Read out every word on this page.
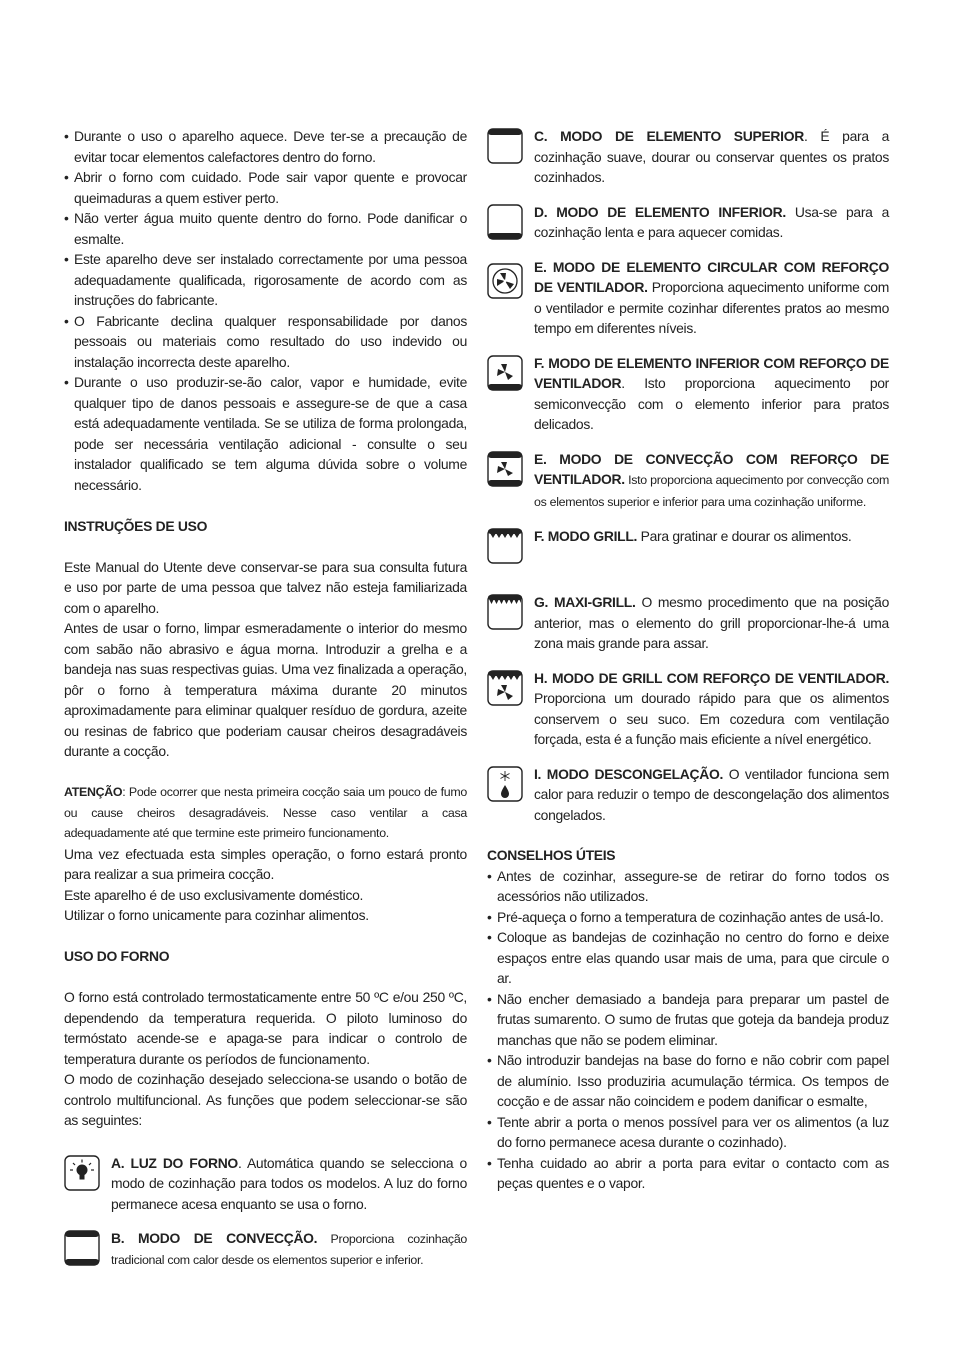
• Durante o uso o aparelho aquece. Deve ter-se a precaução de evitar tocar elementos calefactores dentro do forno.
• Abrir o forno com cuidado. Pode sair vapor quente e provocar queimaduras a quem estiver perto.
• Não verter água muito quente dentro do forno. Pode danificar o esmalte.
• Este aparelho deve ser instalado correctamente por uma pessoa adequadamente qualificada, rigorosamente de acordo com as instruções do fabricante.
• O Fabricante declina qualquer responsabilidade por danos pessoais ou materiais como resultado do uso indevido ou instalação incorrecta deste aparelho.
• Durante o uso produzir-se-ão calor, vapor e humidade, evite qualquer tipo de danos pessoais e assegure-se de que a casa está adequadamente ventilada. Se se utiliza de forma prolongada, pode ser necessária ventilação adicional - consulte o seu instalador qualificado se tem alguma dúvida sobre o volume necessário.

INSTRUÇÕES DE USO

Este Manual do Utente deve conservar-se para sua consulta futura e uso por parte de uma pessoa que talvez não esteja familiarizada com o aparelho.

Antes de usar o forno, limpar esmeradamente o interior do mesmo com sabão não abrasivo e água morna. Introduzir a grelha e a bandeja nas suas respectivas guias. Uma vez finalizada a operação, pôr o forno à temperatura máxima durante 20 minutos aproximadamente para eliminar qualquer resíduo de gordura, azeite ou resinas de fabrico que poderiam causar cheiros desagradáveis durante a cocção.

ATENÇÃO: Pode ocorrer que nesta primeira cocção saia um pouco de fumo ou cause cheiros desagradáveis. Nesse caso ventilar a casa adequadamente até que termine este primeiro funcionamento.

Uma vez efectuada esta simples operação, o forno estará pronto para realizar a sua primeira cocção.

Este aparelho é de uso exclusivamente doméstico.

Utilizar o forno unicamente para cozinhar alimentos.

USO DO FORNO

O forno está controlado termostaticamente entre 50 ºC e/ou 250 ºC, dependendo da temperatura requerida. O piloto luminoso do termóstato acende-se e apaga-se para indicar o controlo de temperatura durante os períodos de funcionamento.

O modo de cozinhação desejado selecciona-se usando o botão de controlo multifuncional. As funções que podem seleccionar-se são as seguintes:

A. LUZ DO FORNO. Automática quando se selecciona o modo de cozinhação para todos os modelos. A luz do forno permanece acesa enquanto se usa o forno.

B. MODO DE CONVECÇÃO. Proporciona cozinhação tradicional com calor desde os elementos superior e inferior.

C. MODO DE ELEMENTO SUPERIOR. É para a cozinhação suave, dourar ou conservar quentes os pratos cozinhados.

D. MODO DE ELEMENTO INFERIOR. Usa-se para a cozinhação lenta e para aquecer comidas.

E. MODO DE ELEMENTO CIRCULAR COM REFORÇO DE VENTILADOR. Proporciona aquecimento uniforme com o ventilador e permite cozinhar diferentes pratos ao mesmo tempo em diferentes níveis.

F. MODO DE ELEMENTO INFERIOR COM REFORÇO DE VENTILADOR. Isto proporciona aquecimento por semiconvecção com o elemento inferior para pratos delicados.

E. MODO DE CONVECÇÃO COM REFORÇO DE VENTILADOR. Isto proporciona aquecimento por convecção com os elementos superior e inferior para uma cozinhação uniforme.

F. MODO GRILL. Para gratinar e dourar os alimentos.

G. MAXI-GRILL. O mesmo procedimento que na posição anterior, mas o elemento do grill proporcionar-lhe-á uma zona mais grande para assar.

H. MODO DE GRILL COM REFORÇO DE VENTILADOR. Proporciona um dourado rápido para que os alimentos conservem o seu suco. Em cozedura com ventilação forçada, esta é a função mais eficiente a nível energético.

I. MODO DESCONGELAÇÃO. O ventilador funciona sem calor para reduzir o tempo de descongelação dos alimentos congelados.

CONSELHOS ÚTEIS

• Antes de cozinhar, assegure-se de retirar do forno todos os acessórios não utilizados.
• Pré-aqueça o forno a temperatura de cozinhação antes de usá-lo.
• Coloque as bandejas de cozinhação no centro do forno e deixe espaços entre elas quando usar mais de uma, para que circule o ar.
• Não encher demasiado a bandeja para preparar um pastel de frutas sumarento. O sumo de frutas que goteja da bandeja produz manchas que não se podem eliminar.
• Não introduzir bandejas na base do forno e não cobrir com papel de alumínio. Isso produziria acumulação térmica. Os tempos de cocção e de assar não coincidem e podem danificar o esmalte,
• Tente abrir a porta o menos possível para ver os alimentos (a luz do forno permanece acesa durante o cozinhado).
• Tenha cuidado ao abrir a porta para evitar o contacto com as peças quentes e o vapor.
